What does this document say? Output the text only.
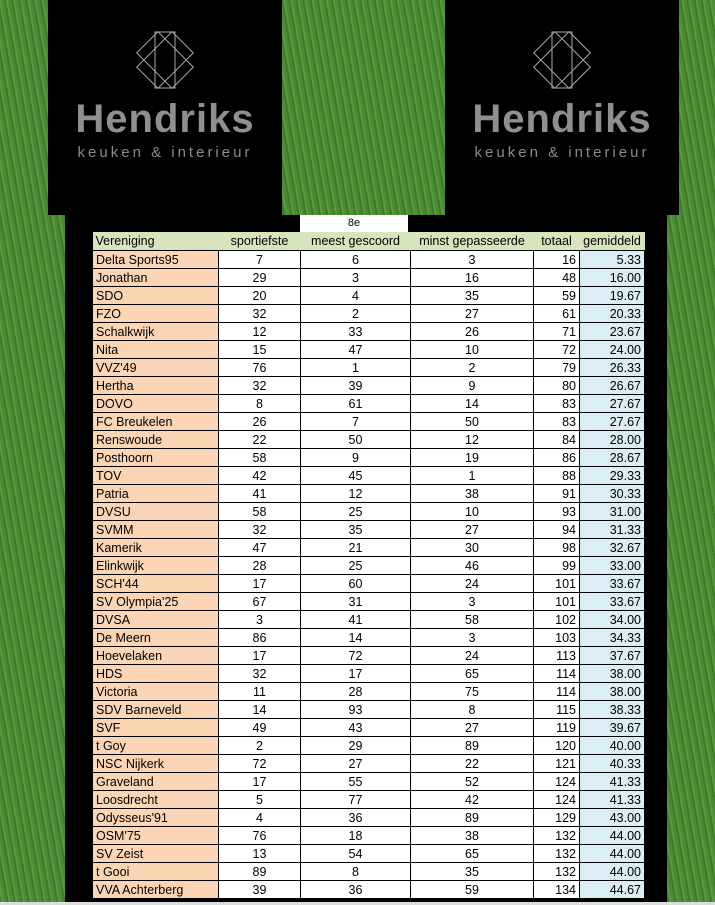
Hendriks
keuken & interieur
Hendriks
keuken & interieur
8e
Vereniging	sportiefste	meest gescoord	minst gepasseerde	totaal	gemiddeld
Delta Sports95	7	6	3	16	5.33
Jonathan	29	3	16	48	16.00
SDO	20	4	35	59	19.67
FZO	32	2	27	61	20.33
Schalkwijk	12	33	26	71	23.67
Nita	15	47	10	72	24.00
VVZ'49	76	1	2	79	26.33
Hertha	32	39	9	80	26.67
DOVO	8	61	14	83	27.67
FC Breukelen	26	7	50	83	27.67
Renswoude	22	50	12	84	28.00
Posthoorn	58	9	19	86	28.67
TOV	42	45	1	88	29.33
Patria	41	12	38	91	30.33
DVSU	58	25	10	93	31.00
SVMM	32	35	27	94	31.33
Kamerik	47	21	30	98	32.67
Elinkwijk	28	25	46	99	33.00
SCH'44	17	60	24	101	33.67
SV Olympia'25	67	31	3	101	33.67
DVSA	3	41	58	102	34.00
De Meern	86	14	3	103	34.33
Hoevelaken	17	72	24	113	37.67
HDS	32	17	65	114	38.00
Victoria	11	28	75	114	38.00
SDV Barneveld	14	93	8	115	38.33
SVF	49	43	27	119	39.67
t Goy	2	29	89	120	40.00
NSC Nijkerk	72	27	22	121	40.33
Graveland	17	55	52	124	41.33
Loosdrecht	5	77	42	124	41.33
Odysseus'91	4	36	89	129	43.00
OSM'75	76	18	38	132	44.00
SV Zeist	13	54	65	132	44.00
t Gooi	89	8	35	132	44.00
VVA Achterberg	39	36	59	134	44.67
